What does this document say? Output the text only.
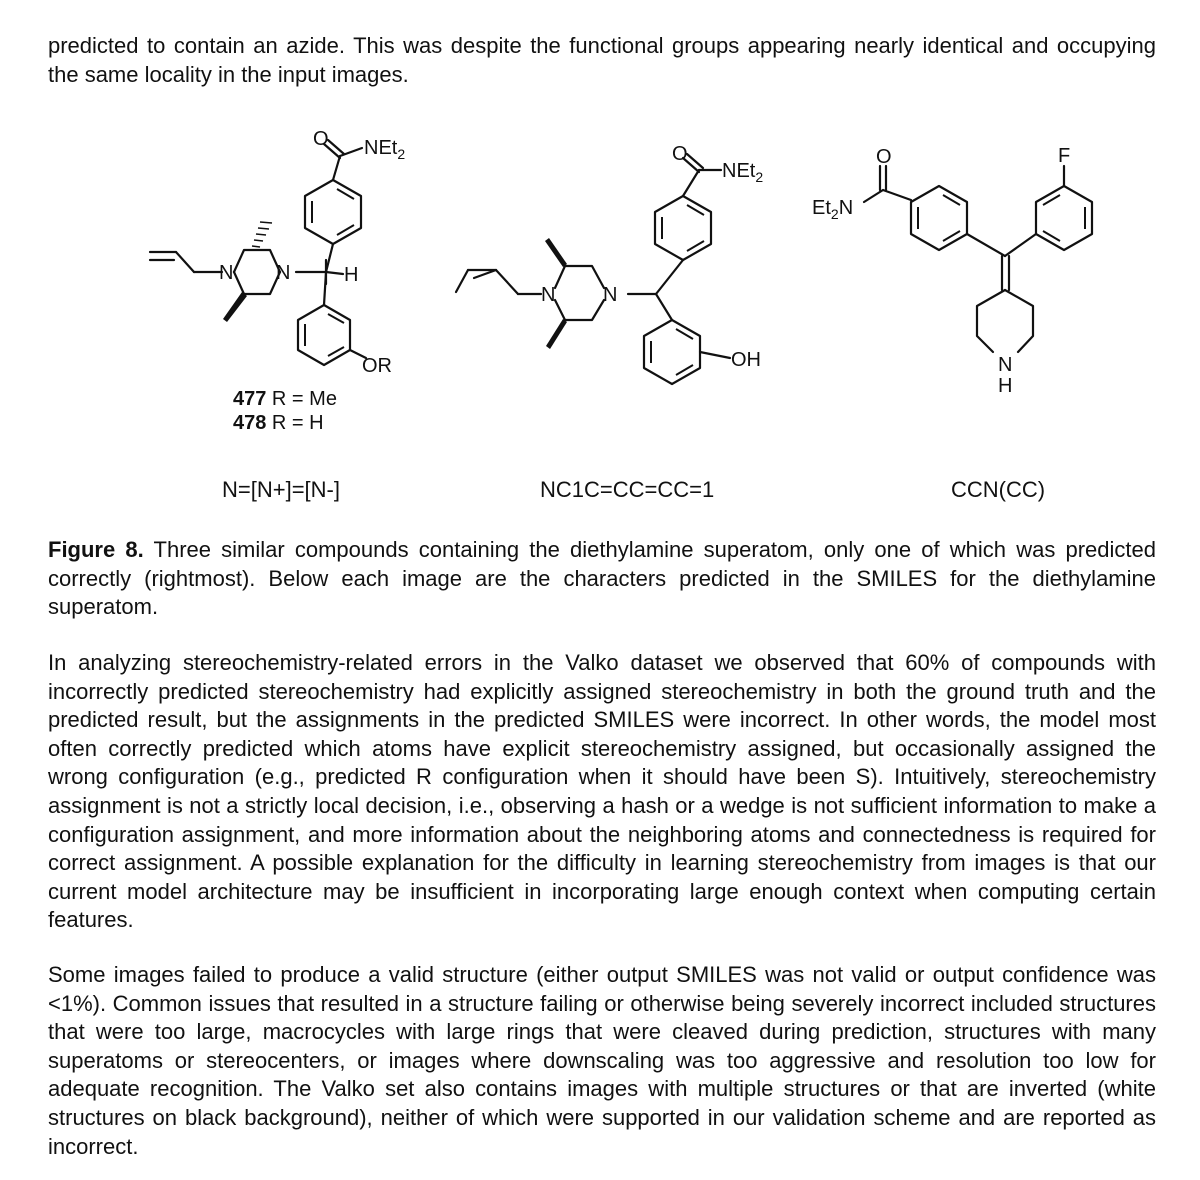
predicted to contain an azide. This was despite the functional groups appearing nearly identical and occupying the same locality in the input images.

O NEt$_2$
N N	H
OR
477 R = Me
478 R = H
O
NEt$_2$
N N
OH
O
$Et_2N$
F
N
H
N=[N+]=[N-]	NC1C=CC=CC=1	CCN(CC)

Figure 8. Three similar compounds containing the diethylamine superatom, only one of which was predicted correctly (rightmost). Below each image are the characters predicted in the SMILES for the diethylamine superatom.

In analyzing stereochemistry-related errors in the Valko dataset we observed that 60% of compounds with incorrectly predicted stereochemistry had explicitly assigned stereochemistry in both the ground truth and the predicted result, but the assignments in the predicted SMILES were incorrect. In other words, the model most often correctly predicted which atoms have explicit stereochemistry assigned, but occasionally assigned the wrong configuration (e.g., predicted R configuration when it should have been S). Intuitively, stereochemistry assignment is not a strictly local decision, i.e., observing a hash or a wedge is not sufficient information to make a configuration assignment, and more information about the neighboring atoms and connectedness is required for correct assignment. A possible explanation for the difficulty in learning stereochemistry from images is that our current model architecture may be insufficient in incorporating large enough context when computing certain features.

Some images failed to produce a valid structure (either output SMILES was not valid or output confidence was <1%). Common issues that resulted in a structure failing or otherwise being severely incorrect included structures that were too large, macrocycles with large rings that were cleaved during prediction, structures with many superatoms or stereocenters, or images where downscaling was too aggressive and resolution too low for adequate recognition. The Valko set also contains images with multiple structures or that are inverted (white structures on black background), neither of which were supported in our validation scheme and are reported as incorrect.
